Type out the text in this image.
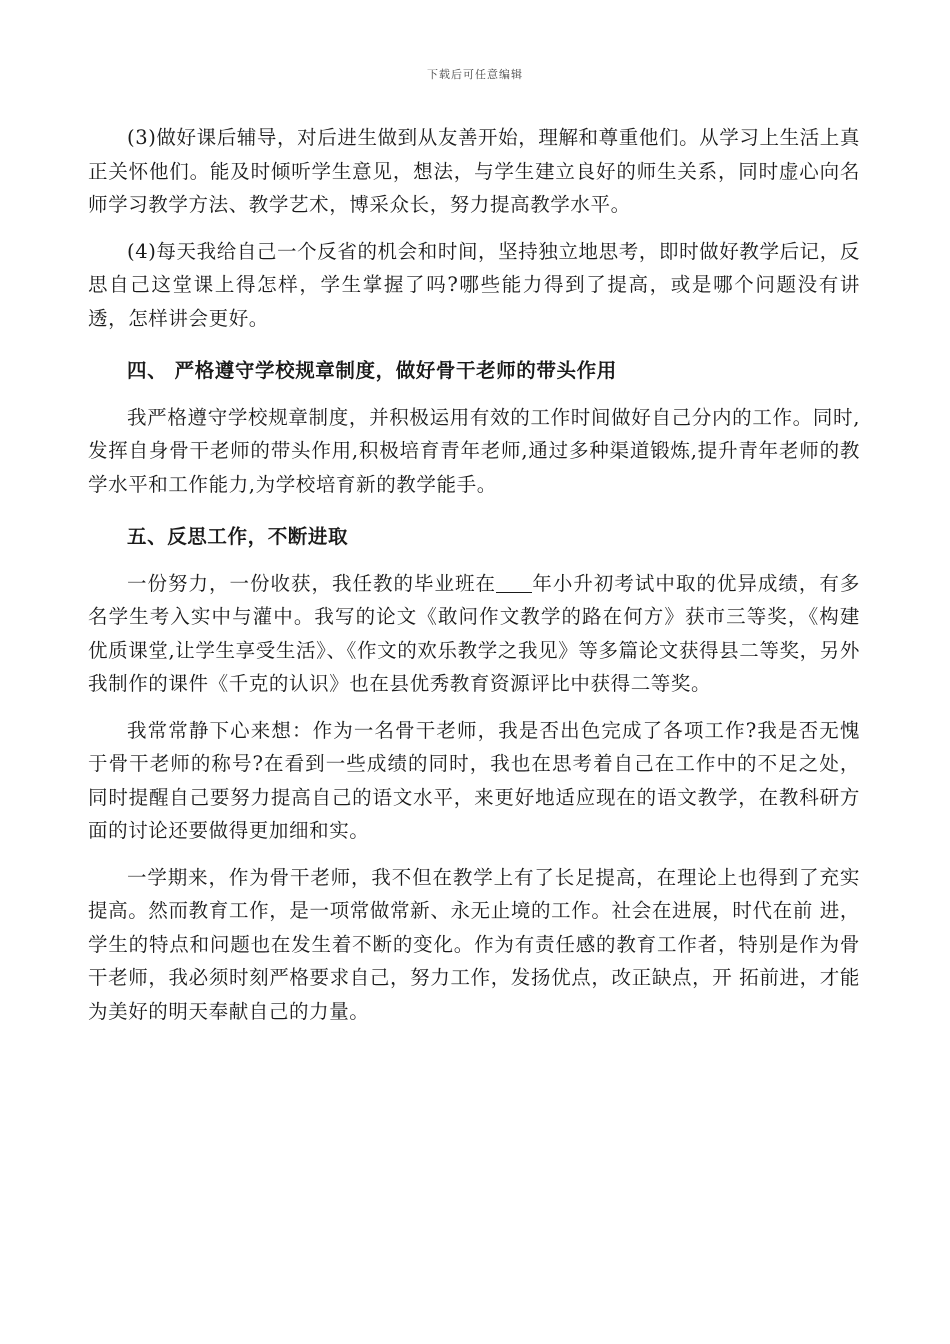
下载后可任意编辑

(3)做好课后辅导，对后进生做到从友善开始，理解和尊重他们。从学习上生活上真正关怀他们。能及时倾听学生意见，想法，与学生建立良好的师生关系，同时虚心向名师学习教学方法、教学艺术，博采众长，努力提高教学水平。

(4)每天我给自己一个反省的机会和时间，坚持独立地思考，即时做好教学后记，反思自己这堂课上得怎样，学生掌握了吗?哪些能力得到了提高，或是哪个问题没有讲透，怎样讲会更好。

四、 严格遵守学校规章制度，做好骨干老师的带头作用

我严格遵守学校规章制度，并积极运用有效的工作时间做好自己分内的工作。同时,发挥自身骨干老师的带头作用,积极培育青年老师,通过多种渠道锻炼,提升青年老师的教学水平和工作能力,为学校培育新的教学能手。

五、反思工作，不断进取

一份努力，一份收获，我任教的毕业班在 年小升初考试中取的优异成绩，有多名学生考入实中与灌中。我写的论文《敢问作文教学的路在何方》获市三等奖，《构建优质课堂,让学生享受生活》、《作文的欢乐教学之我见》等多篇论文获得县二等奖，另外我制作的课件《千克的认识》也在县优秀教育资源评比中获得二等奖。

我常常静下心来想：作为一名骨干老师，我是否出色完成了各项工作?我是否无愧于骨干老师的称号?在看到一些成绩的同时，我也在思考着自己在工作中的不足之处，同时提醒自己要努力提高自己的语文水平，来更好地适应现在的语文教学，在教科研方面的讨论还要做得更加细和实。

一学期来，作为骨干老师，我不但在教学上有了长足提高，在理论上也得到了充实提高。然而教育工作，是一项常做常新、永无止境的工作。社会在进展，时代在前 进，学生的特点和问题也在发生着不断的变化。作为有责任感的教育工作者，特别是作为骨干老师，我必须时刻严格要求自己，努力工作，发扬优点，改正缺点，开 拓前进，才能为美好的明天奉献自己的力量。
